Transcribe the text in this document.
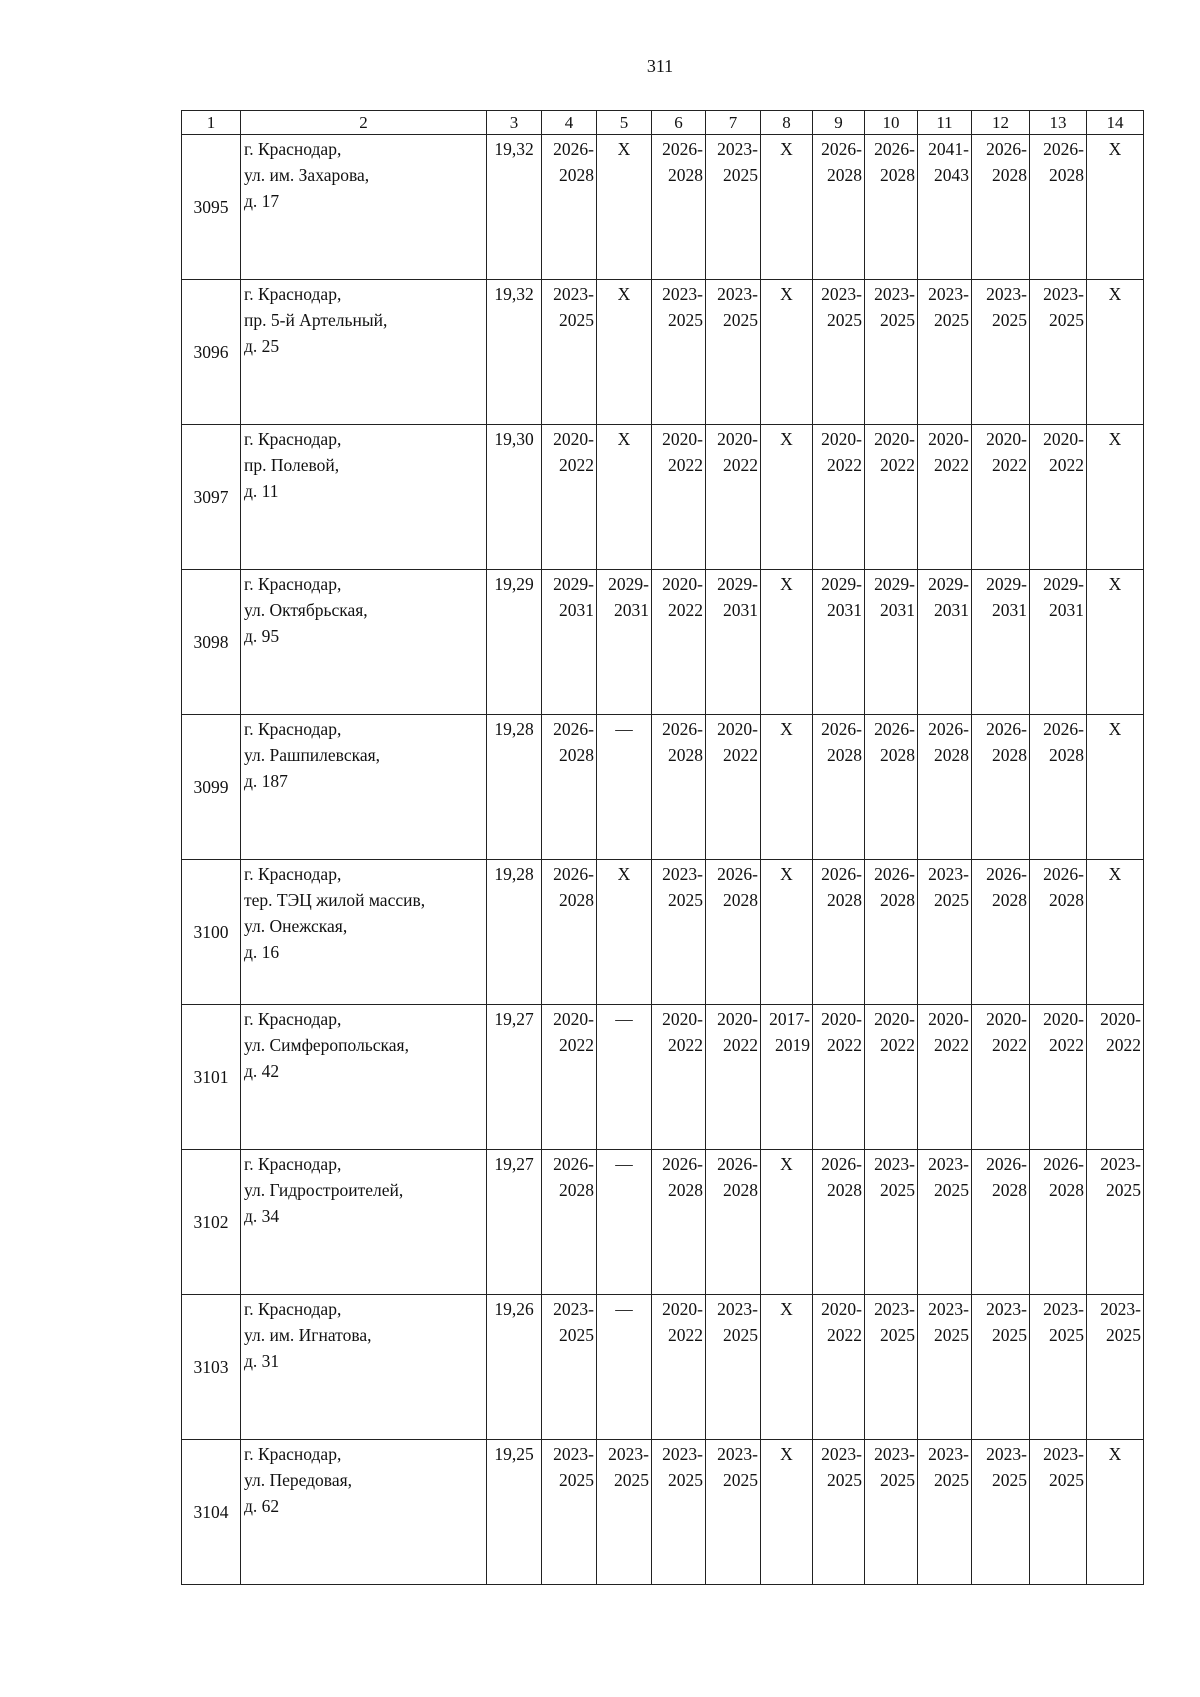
311
1	2	3	4	5	6	7	8	9	10	11	12	13	14
3095	г. Краснодар,
ул. им. Захарова,
д. 17	19,32	2026-
2028	X	2026-
2028	2023-
2025	X	2026-
2028	2026-
2028	2041-
2043	2026-
2028	2026-
2028	X

3096	г. Краснодар,
пр. 5-й Артельный,
д. 25	19,32	2023-
2025	X	2023-
2025	2023-
2025	X	2023-
2025	2023-
2025	2023-
2025	2023-
2025	2023-
2025	X

3097	г. Краснодар,
пр. Полевой,
д. 11	19,30	2020-
2022	X	2020-
2022	2020-
2022	X	2020-
2022	2020-
2022	2020-
2022	2020-
2022	2020-
2022	X

3098	г. Краснодар,
ул. Октябрьская,
д. 95	19,29	2029-
2031	2029-
2031	2020-
2022	2029-
2031	X	2029-
2031	2029-
2031	2029-
2031	2029-
2031	2029-
2031	X

3099	г. Краснодар,
ул. Рашпилевская,
д. 187	19,28	2026-
2028	—	2026-
2028	2020-
2022	X	2026-
2028	2026-
2028	2026-
2028	2026-
2028	2026-
2028	X

3100	г. Краснодар,
тер. ТЭЦ жилой массив,
ул. Онежская,
д. 16	19,28	2026-
2028	X	2023-
2025	2026-
2028	X	2026-
2028	2026-
2028	2023-
2025	2026-
2028	2026-
2028	X

3101	г. Краснодар,
ул. Симферопольская,
д. 42	19,27	2020-
2022	—	2020-
2022	2020-
2022	2017-
2019	2020-
2022	2020-
2022	2020-
2022	2020-
2022	2020-
2022	2020-
2022

3102	г. Краснодар,
ул. Гидростроителей,
д. 34	19,27	2026-
2028	—	2026-
2028	2026-
2028	X	2026-
2028	2023-
2025	2023-
2025	2026-
2028	2026-
2028	2023-
2025

3103	г. Краснодар,
ул. им. Игнатова,
д. 31	19,26	2023-
2025	—	2020-
2022	2023-
2025	X	2020-
2022	2023-
2025	2023-
2025	2023-
2025	2023-
2025	2023-
2025

3104	г. Краснодар,
ул. Передовая,
д. 62	19,25	2023-
2025	2023-
2025	2023-
2025	2023-
2025	X	2023-
2025	2023-
2025	2023-
2025	2023-
2025	2023-
2025	X
